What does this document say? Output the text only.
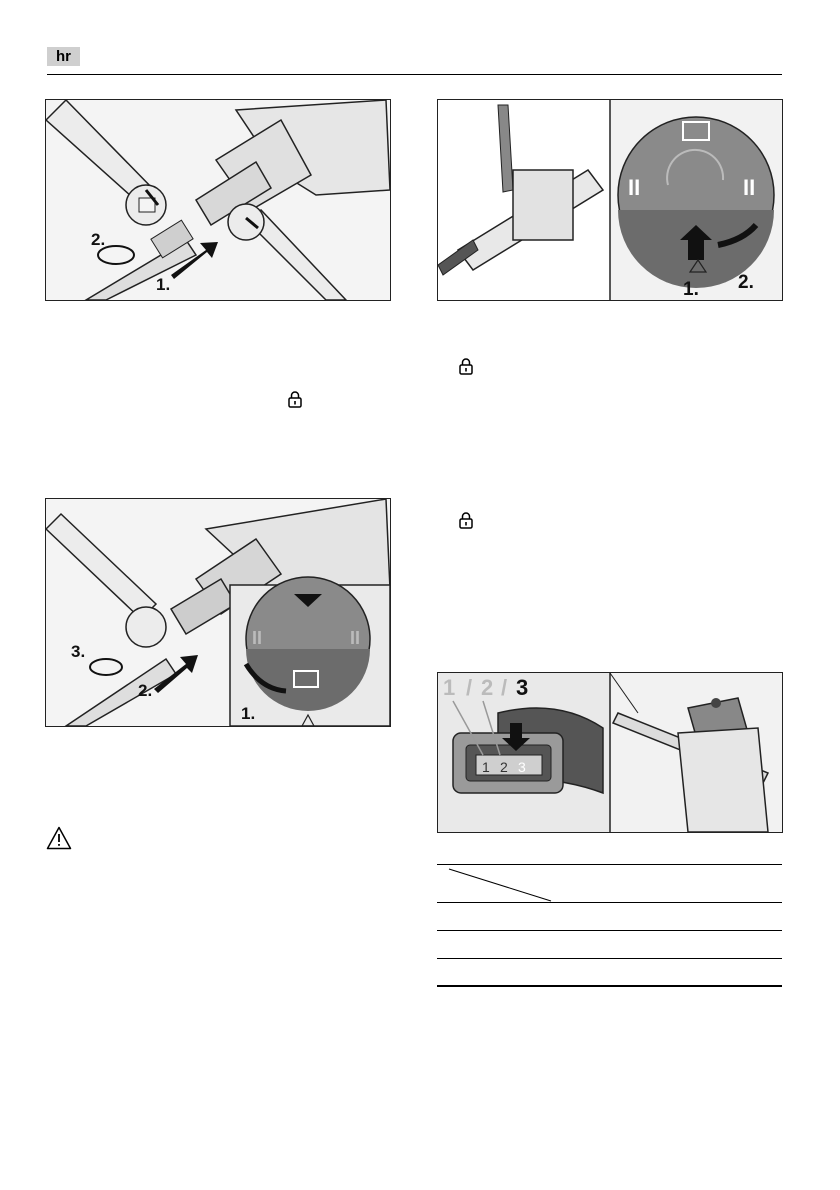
hr
1.
2.
II	II
1. 2.
2.
3.
II	II
1.
1 / 2 / 3
1 2 3
